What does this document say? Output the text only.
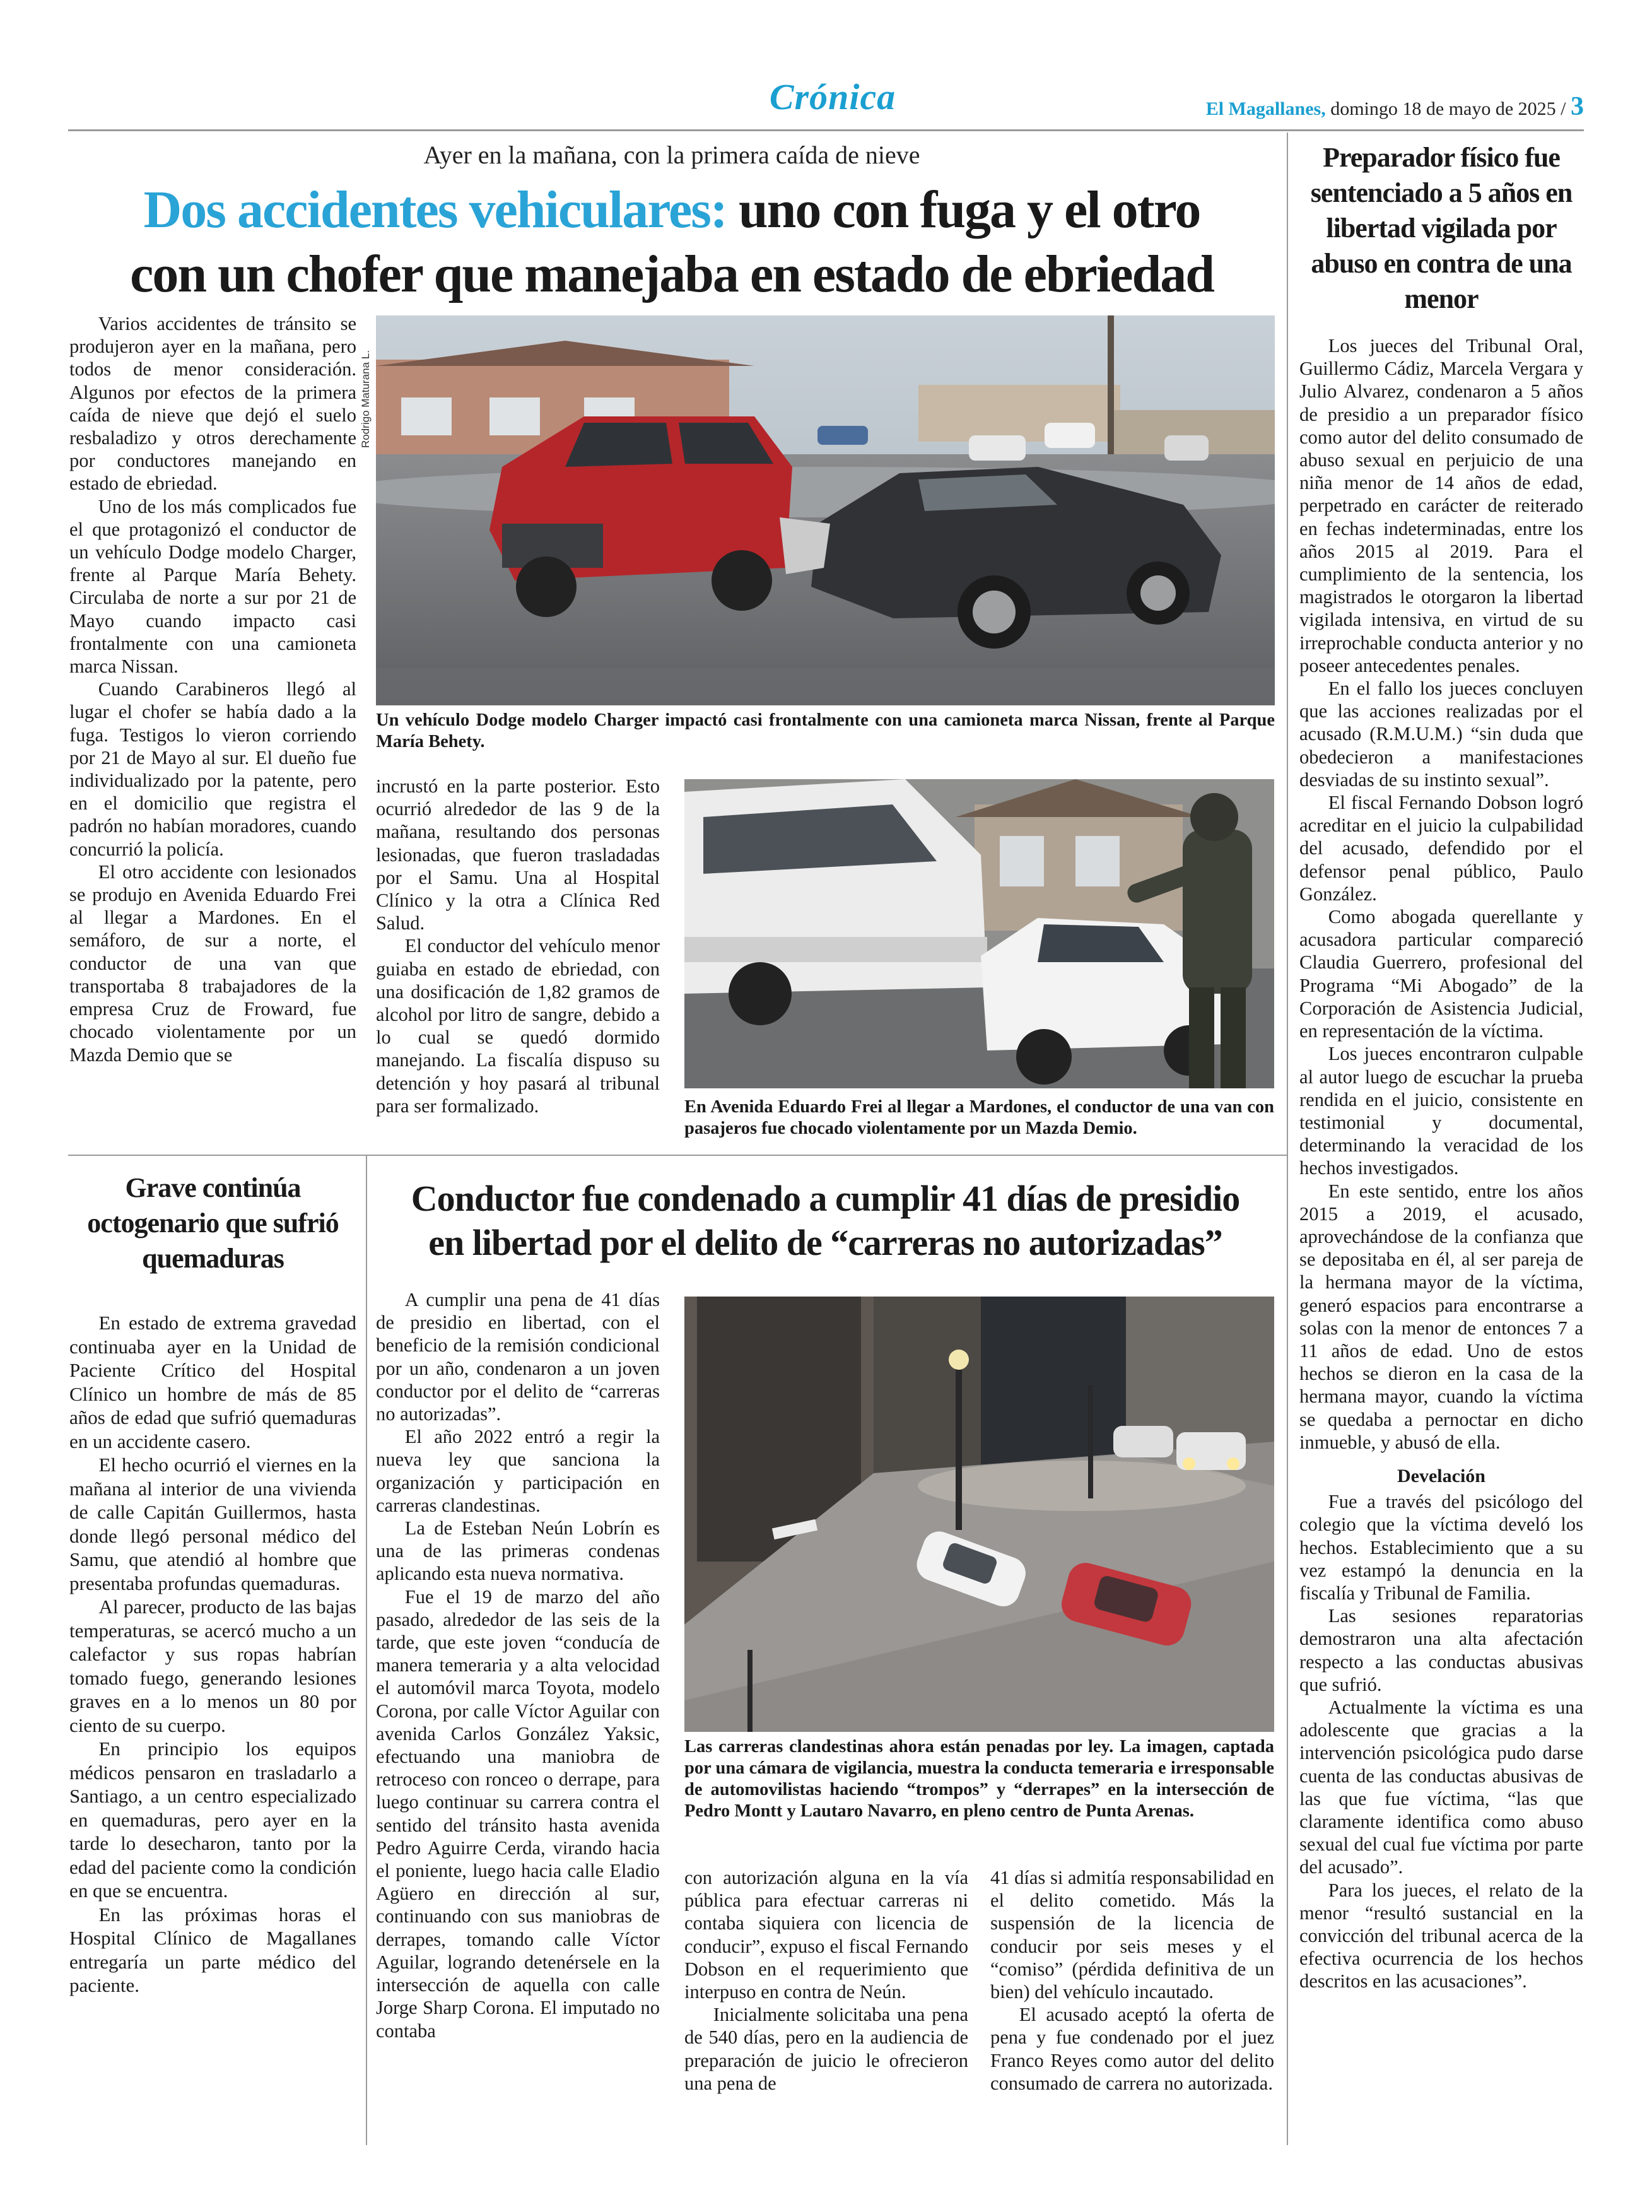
Crónica	El Magallanes, domingo 18 de mayo de 2025 / 3
Ayer en la mañana, con la primera caída de nieve
Dos accidentes vehiculares: uno con fuga y el otro
con un chofer que manejaba en estado de ebriedad

Varios accidentes de tránsito se produjeron ayer en la mañana, pero todos de menor consideración. Algunos por efectos de la primera caída de nieve que dejó el suelo resbaladizo y otros derechamente por conductores manejando en estado de ebriedad.

Uno de los más complicados fue el que protagonizó el conductor de un vehículo Dodge modelo Charger, frente al Parque María Behety. Circulaba de norte a sur por 21 de Mayo cuando impacto casi frontalmente con una camioneta marca Nissan.

Cuando Carabineros llegó al lugar el chofer se había dado a la fuga. Testigos lo vieron corriendo por 21 de Mayo al sur. El dueño fue individualizado por la patente, pero en el domicilio que registra el padrón no habían moradores, cuando concurrió la policía.

El otro accidente con lesionados se produjo en Avenida Eduardo Frei al llegar a Mardones. En el semáforo, de sur a norte, el conductor de una van que transportaba 8 trabajadores de la empresa Cruz de Froward, fue chocado violentamente por un Mazda Demio que se

Rodrigo Maturana L.
Un vehículo Dodge modelo Charger impactó casi frontalmente con una camioneta marca Nissan, frente al Parque María Behety.

incrustó en la parte posterior. Esto ocurrió alrededor de las 9 de la mañana, resultando dos personas lesionadas, que fueron trasladadas por el Samu. Una al Hospital Clínico y la otra a Clínica Red Salud.

El conductor del vehículo menor guiaba en estado de ebriedad, con una dosificación de 1,82 gramos de alcohol por litro de sangre, debido a lo cual se quedó dormido manejando. La fiscalía dispuso su detención y hoy pasará al tribunal para ser formalizado.	En Avenida Eduardo Frei al llegar a Mardones, el conductor de una van con pasajeros fue chocado violentamente por un Mazda Demio.
Preparador físico fue sentenciado a 5 años en libertad vigilada por abuso en contra de una menor

Los jueces del Tribunal Oral, Guillermo Cádiz, Marcela Vergara y Julio Alvarez, condenaron a 5 años de presidio a un preparador físico como autor del delito consumado de abuso sexual en perjuicio de una niña menor de 14 años de edad, perpetrado en carácter de reiterado en fechas indeterminadas, entre los años 2015 al 2019. Para el cumplimiento de la sentencia, los magistrados le otorgaron la libertad vigilada intensiva, en virtud de su irreprochable conducta anterior y no poseer antecedentes penales.

En el fallo los jueces concluyen que las acciones realizadas por el acusado (R.M.U.M.) “sin duda que obedecieron a manifestaciones desviadas de su instinto sexual”.

El fiscal Fernando Dobson logró acreditar en el juicio la culpabilidad del acusado, defendido por el defensor penal público, Paulo González.

Como abogada querellante y acusadora particular compareció Claudia Guerrero, profesional del Programa “Mi Abogado” de la Corporación de Asistencia Judicial, en representación de la víctima.

Los jueces encontraron culpable al autor luego de escuchar la prueba rendida en el juicio, consistente en testimonial y documental, determinando la veracidad de los hechos investigados.

En este sentido, entre los años 2015 a 2019, el acusado, aprovechándose de la confianza que se depositaba en él, al ser pareja de la hermana mayor de la víctima, generó espacios para encontrarse a solas con la menor de entonces 7 a 11 años de edad. Uno de estos hechos se dieron en la casa de la hermana mayor, cuando la víctima se quedaba a pernoctar en dicho inmueble, y abusó de ella.

Develación

Fue a través del psicólogo del colegio que la víctima develó los hechos. Establecimiento que a su vez estampó la denuncia en la fiscalía y Tribunal de Familia.

Las sesiones reparatorias demostraron una alta afectación respecto a las conductas abusivas que sufrió.

Actualmente la víctima es una adolescente que gracias a la intervención psicológica pudo darse cuenta de las conductas abusivas de las que fue víctima, “las que claramente identifica como abuso sexual del cual fue víctima por parte del acusado”.

Para los jueces, el relato de la menor “resultó sustancial en la convicción del tribunal acerca de la efectiva ocurrencia de los hechos descritos en las acusaciones”.

Grave continúa octogenario que sufrió quemaduras

En estado de extrema gravedad continuaba ayer en la Unidad de Paciente Crítico del Hospital Clínico un hombre de más de 85 años de edad que sufrió quemaduras en un accidente casero.

El hecho ocurrió el viernes en la mañana al interior de una vivienda de calle Capitán Guillermos, hasta donde llegó personal médico del Samu, que atendió al hombre que presentaba profundas quemaduras.

Al parecer, producto de las bajas temperaturas, se acercó mucho a un calefactor y sus ropas habrían tomado fuego, generando lesiones graves en a lo menos un 80 por ciento de su cuerpo.

En principio los equipos médicos pensaron en trasladarlo a Santiago, a un centro especializado en quemaduras, pero ayer en la tarde lo desecharon, tanto por la edad del paciente como la condición en que se encuentra.

En las próximas horas el Hospital Clínico de Magallanes entregaría un parte médico del paciente.

Conductor fue condenado a cumplir 41 días de presidio
en libertad por el delito de “carreras no autorizadas”

A cumplir una pena de 41 días de presidio en libertad, con el beneficio de la remisión condicional por un año, condenaron a un joven conductor por el delito de “carreras no autorizadas”.

El año 2022 entró a regir la nueva ley que sanciona la organización y participación en carreras clandestinas.

La de Esteban Neún Lobrín es una de las primeras condenas aplicando esta nueva normativa.

Fue el 19 de marzo del año pasado, alrededor de las seis de la tarde, que este joven “conducía de manera temeraria y a alta velocidad el automóvil marca Toyota, modelo Corona, por calle Víctor Aguilar con avenida Carlos González Yaksic, efectuando una maniobra de retroceso con ronceo o derrape, para luego continuar su carrera contra el sentido del tránsito hasta avenida Pedro Aguirre Cerda, virando hacia el poniente, luego hacia calle Eladio Agüero en dirección al sur, continuando con sus maniobras de derrapes, tomando calle Víctor Aguilar, logrando detenérsele en la intersección de aquella con calle Jorge Sharp Corona. El imputado no contaba

Las carreras clandestinas ahora están penadas por ley. La imagen, captada por una cámara de vigilancia, muestra la conducta temeraria e irresponsable de automovilistas haciendo “trompos” y “derrapes” en la intersección de Pedro Montt y Lautaro Navarro, en pleno centro de Punta Arenas.

con autorización alguna en la vía pública para efectuar carreras ni contaba siquiera con licencia de conducir”, expuso el fiscal Fernando Dobson en el requerimiento que interpuso en contra de Neún.

Inicialmente solicitaba una pena de 540 días, pero en la audiencia de preparación de juicio le ofrecieron una pena de

41 días si admitía responsabilidad en el delito cometido. Más la suspensión de la licencia de conducir por seis meses y el “comiso” (pérdida definitiva de un bien) del vehículo incautado.

El acusado aceptó la oferta de pena y fue condenado por el juez Franco Reyes como autor del delito consumado de carrera no autorizada.
